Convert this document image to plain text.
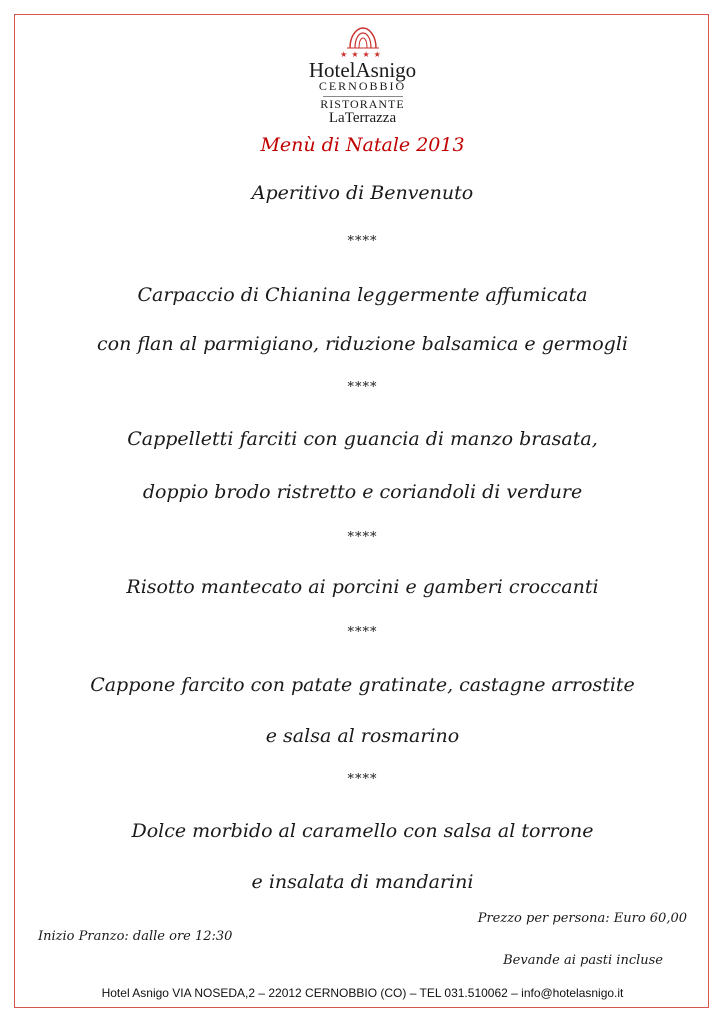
★★★★
HotelAsnigo
CERNOBBIO
RISTORANTE
LaTerrazza
Menù di Natale 2013
Aperitivo di Benvenuto
****
Carpaccio di Chianina leggermente affumicata
con flan al parmigiano, riduzione balsamica e germogli
****
Cappelletti farciti con guancia di manzo brasata,
doppio brodo ristretto e coriandoli di verdure
****
Risotto mantecato ai porcini e gamberi croccanti
****
Cappone farcito con patate gratinate, castagne arrostite
e salsa al rosmarino
****
Dolce morbido al caramello con salsa al torrone
e insalata di mandarini
Prezzo per persona: Euro 60,00
Inizio Pranzo: dalle ore 12:30
Bevande ai pasti incluse
Hotel Asnigo VIA NOSEDA,2 – 22012 CERNOBBIO (CO) – TEL 031.510062 – info@hotelasnigo.it
